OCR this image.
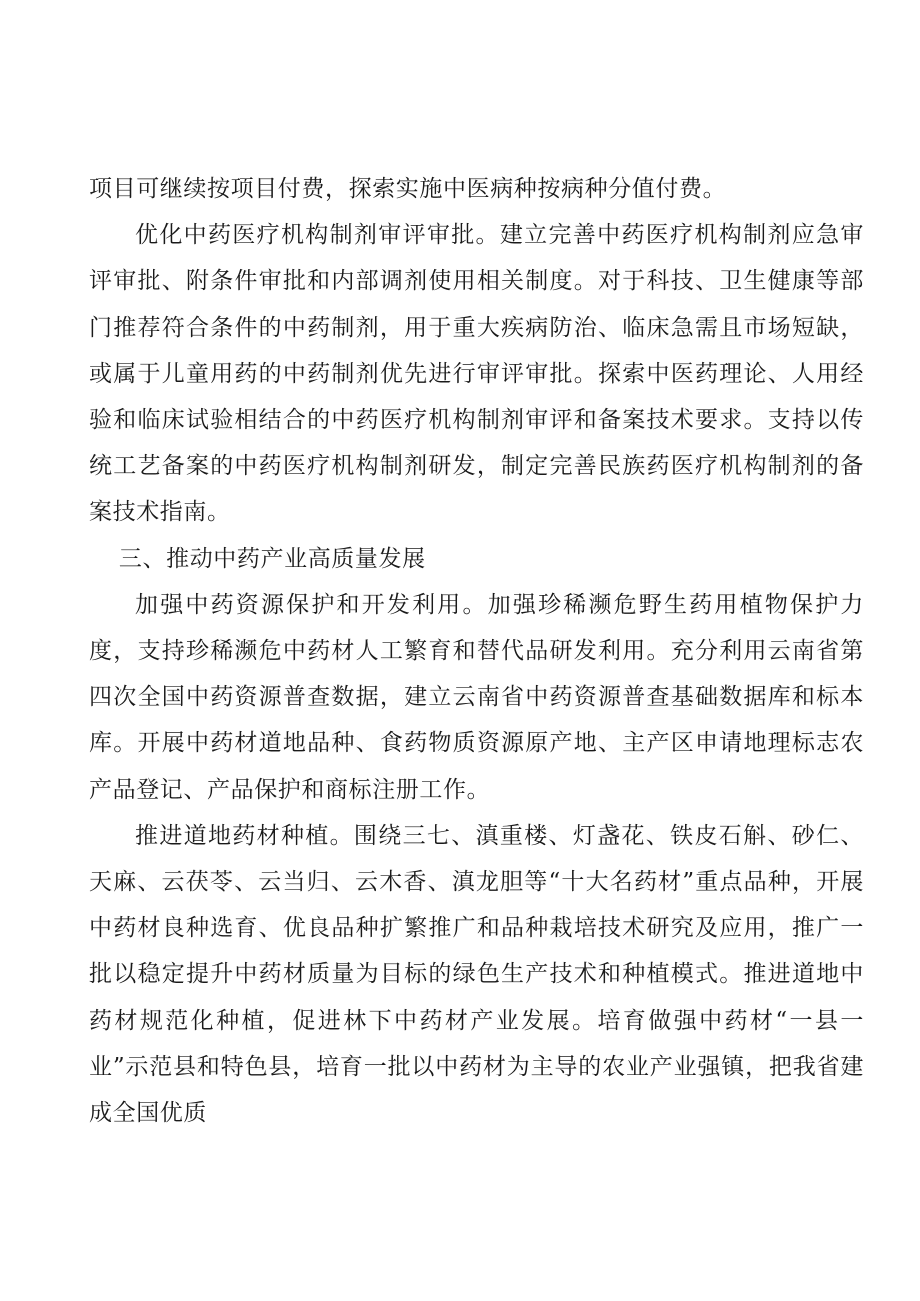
项目可继续按项目付费，探索实施中医病种按病种分值付费。

优化中药医疗机构制剂审评审批。建立完善中药医疗机构制剂应急审评审批、附条件审批和内部调剂使用相关制度。对于科技、卫生健康等部门推荐符合条件的中药制剂，用于重大疾病防治、临床急需且市场短缺，或属于儿童用药的中药制剂优先进行审评审批。探索中医药理论、人用经验和临床试验相结合的中药医疗机构制剂审评和备案技术要求。支持以传统工艺备案的中药医疗机构制剂研发，制定完善民族药医疗机构制剂的备案技术指南。

三、推动中药产业高质量发展

加强中药资源保护和开发利用。加强珍稀濒危野生药用植物保护力度，支持珍稀濒危中药材人工繁育和替代品研发利用。充分利用云南省第四次全国中药资源普查数据，建立云南省中药资源普查基础数据库和标本库。开展中药材道地品种、食药物质资源原产地、主产区申请地理标志农产品登记、产品保护和商标注册工作。

推进道地药材种植。围绕三七、滇重楼、灯盏花、铁皮石斛、砂仁、天麻、云茯苓、云当归、云木香、滇龙胆等“十大名药材”重点品种，开展中药材良种选育、优良品种扩繁推广和品种栽培技术研究及应用，推广一批以稳定提升中药材质量为目标的绿色生产技术和种植模式。推进道地中药材规范化种植，促进林下中药材产业发展。培育做强中药材“一县一业”示范县和特色县，培育一批以中药材为主导的农业产业强镇，把我省建成全国优质
